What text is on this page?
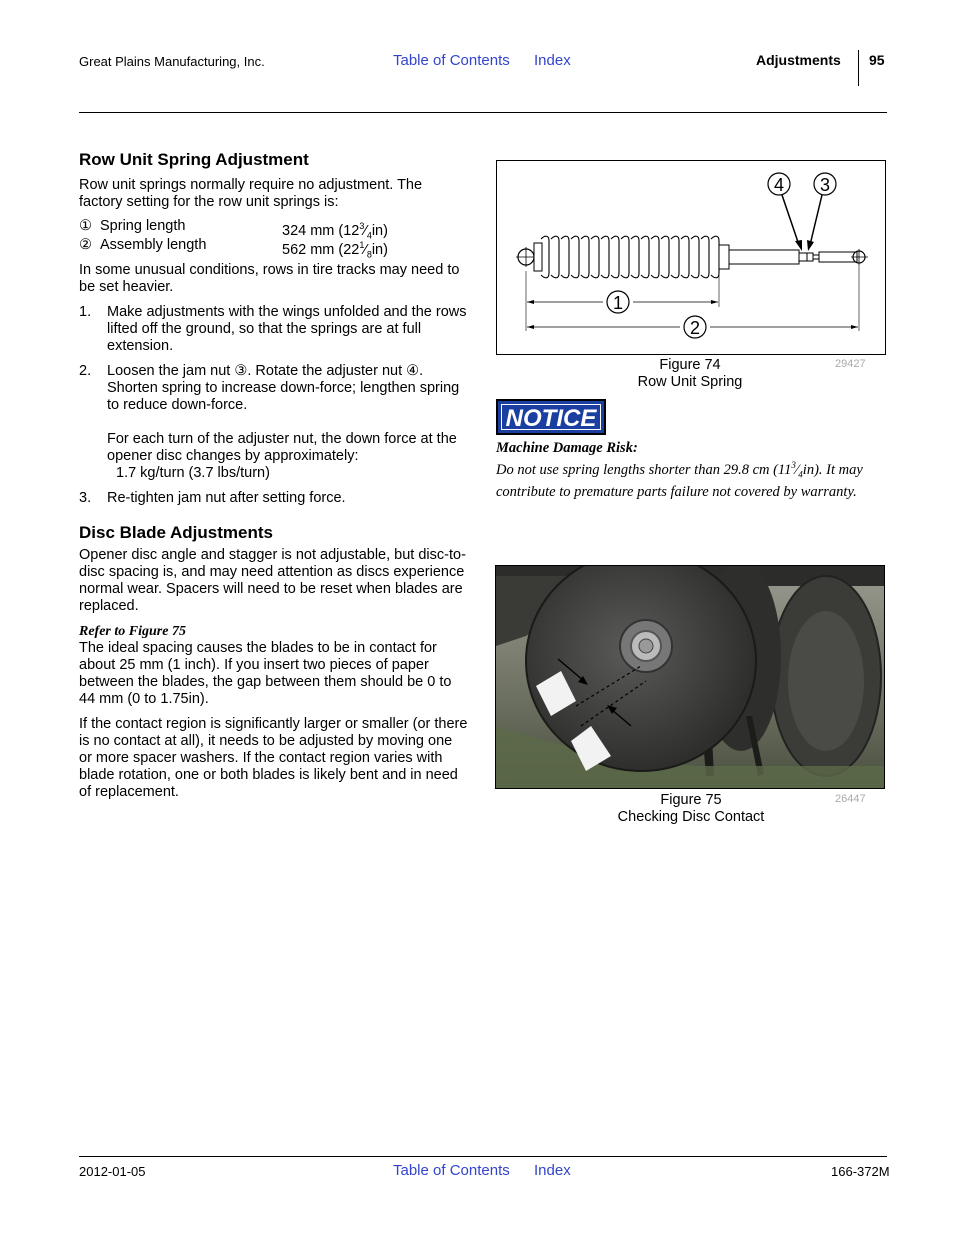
Great Plains Manufacturing, Inc.	Table of Contents Index	Adjustments 95
Row Unit Spring Adjustment
Row unit springs normally require no adjustment. The factory setting for the row unit springs is:
① Spring length	324 mm $(12^3⁄_4in)$
② Assembly length	562 mm $(22^1⁄_8in)$
In some unusual conditions, rows in tire tracks may need to be set heavier.
1. Make adjustments with the wings unfolded and the rows lifted off the ground, so that the springs are at full extension.
2. Loosen the jam nut ③. Rotate the adjuster nut ④. Shorten spring to increase down-force; lengthen spring to reduce down-force.
For each turn of the adjuster nut, the down force at the opener disc changes by approximately:
1.7 kg/turn (3.7 lbs/turn)
3. Re-tighten jam nut after setting force.
Disc Blade Adjustments
Opener disc angle and stagger is not adjustable, but disc-to-disc spacing is, and may need attention as discs experience normal wear. Spacers will need to be reset when blades are replaced.
Refer to Figure 75
The ideal spacing causes the blades to be in contact for about 25 mm (1 inch). If you insert two pieces of paper between the blades, the gap between them should be 0 to 44 mm (0 to 1.75in).
If the contact region is significantly larger or smaller (or there is no contact at all), it needs to be adjusted by moving one or more spacer washers. If the contact region varies with blade rotation, one or both blades is likely bent and in need of replacement.
1
2
4 3
Figure 74
Row Unit Spring
29427
NOTICE
Machine Damage Risk:
Do not use spring lengths shorter than 29.8 cm $(11^3⁄_4in)$. It may contribute to premature parts failure not covered by warranty.
Figure 75
Checking Disc Contact
26447
2012-01-05	Table of Contents Index	166-372M
